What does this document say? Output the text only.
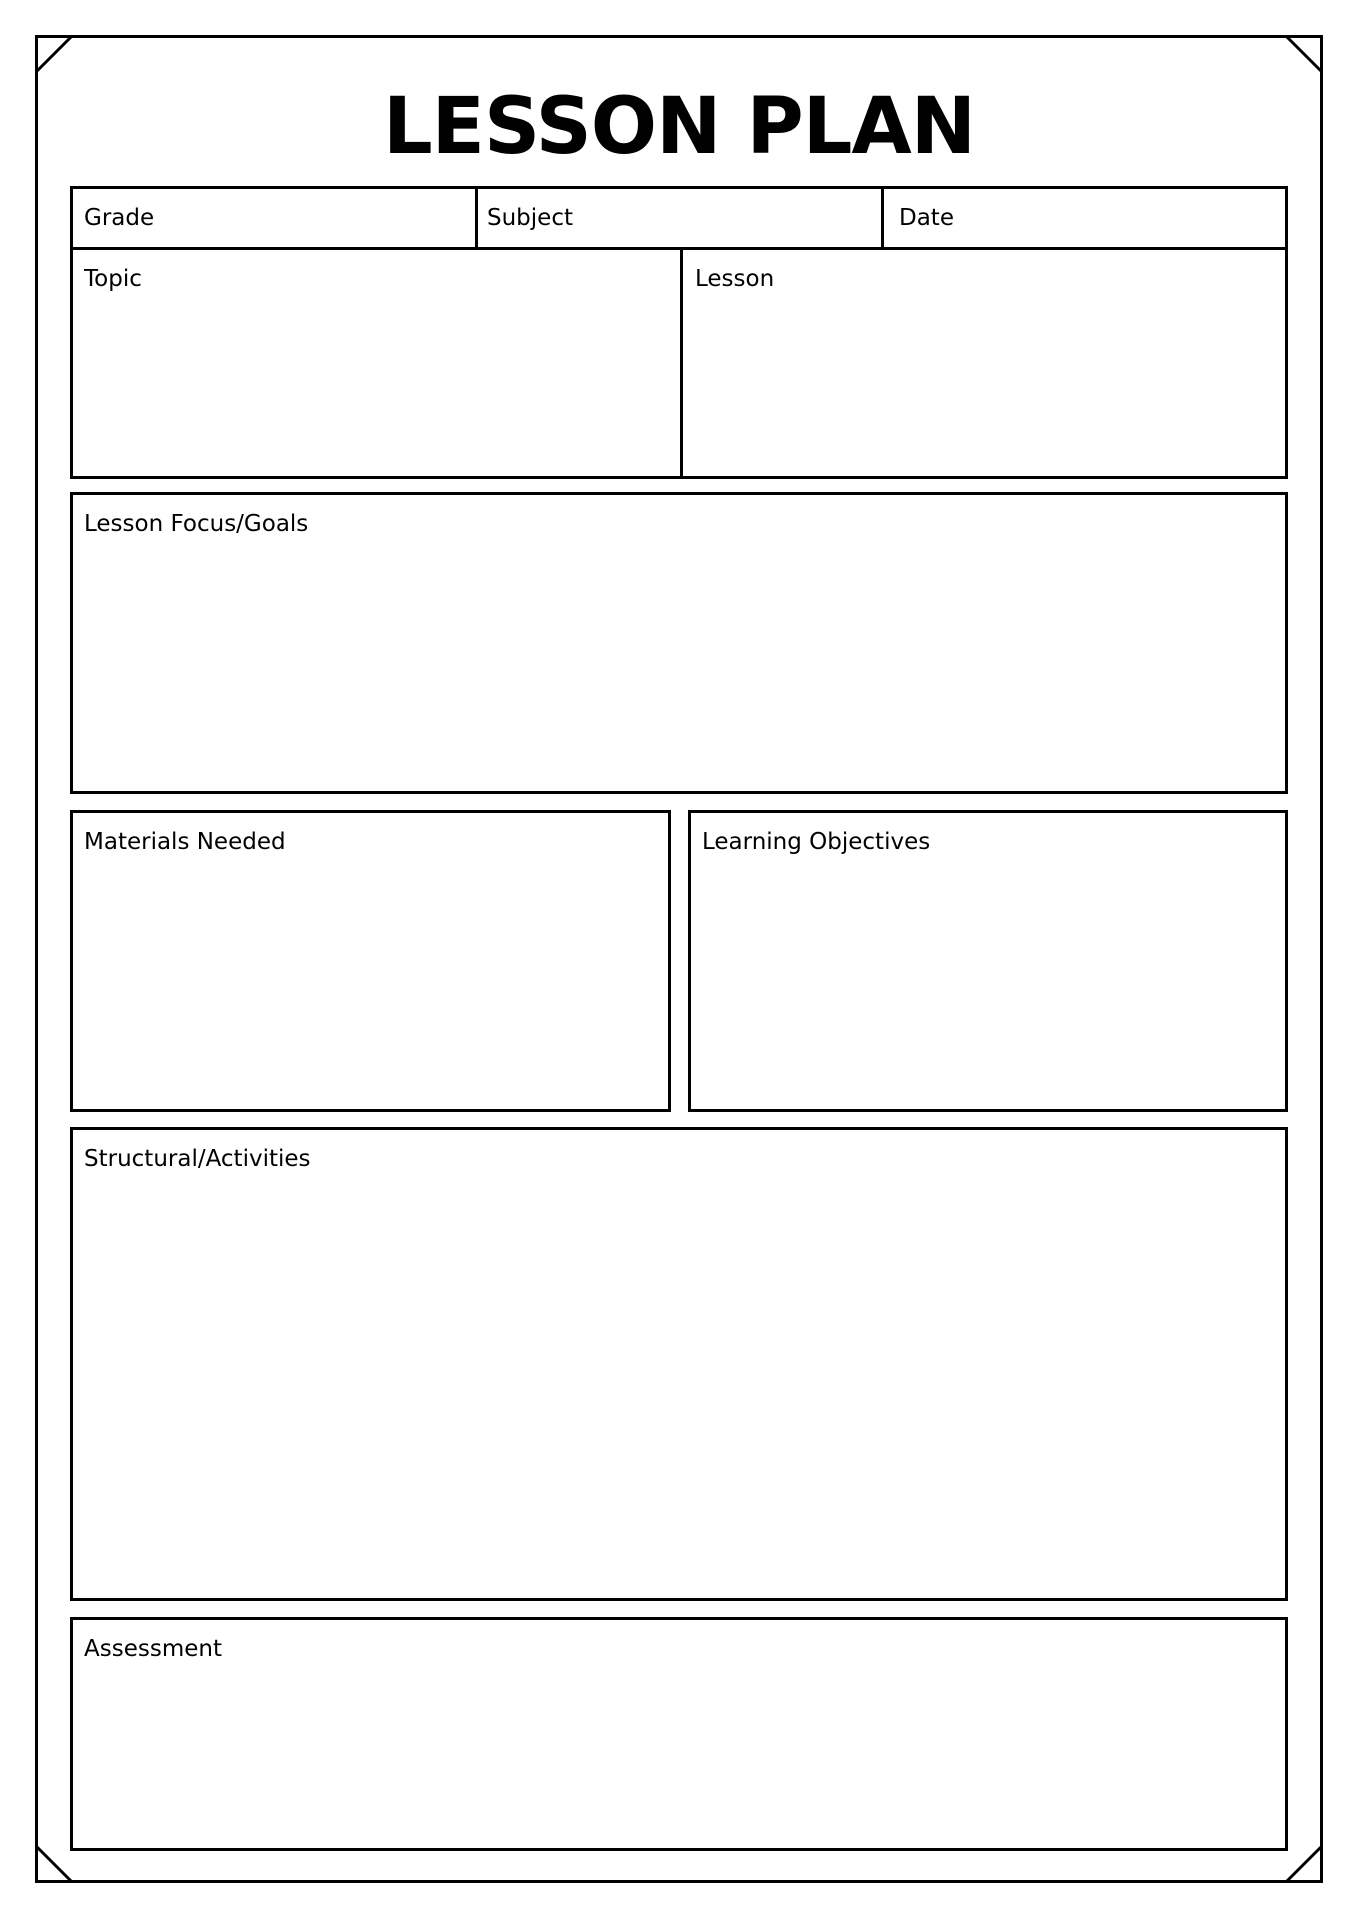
LESSON PLAN
Grade	Subject	Date
Topic	Lesson
Lesson Focus/Goals
Materials Needed	Learning Objectives
Structural/Activities
Assessment
